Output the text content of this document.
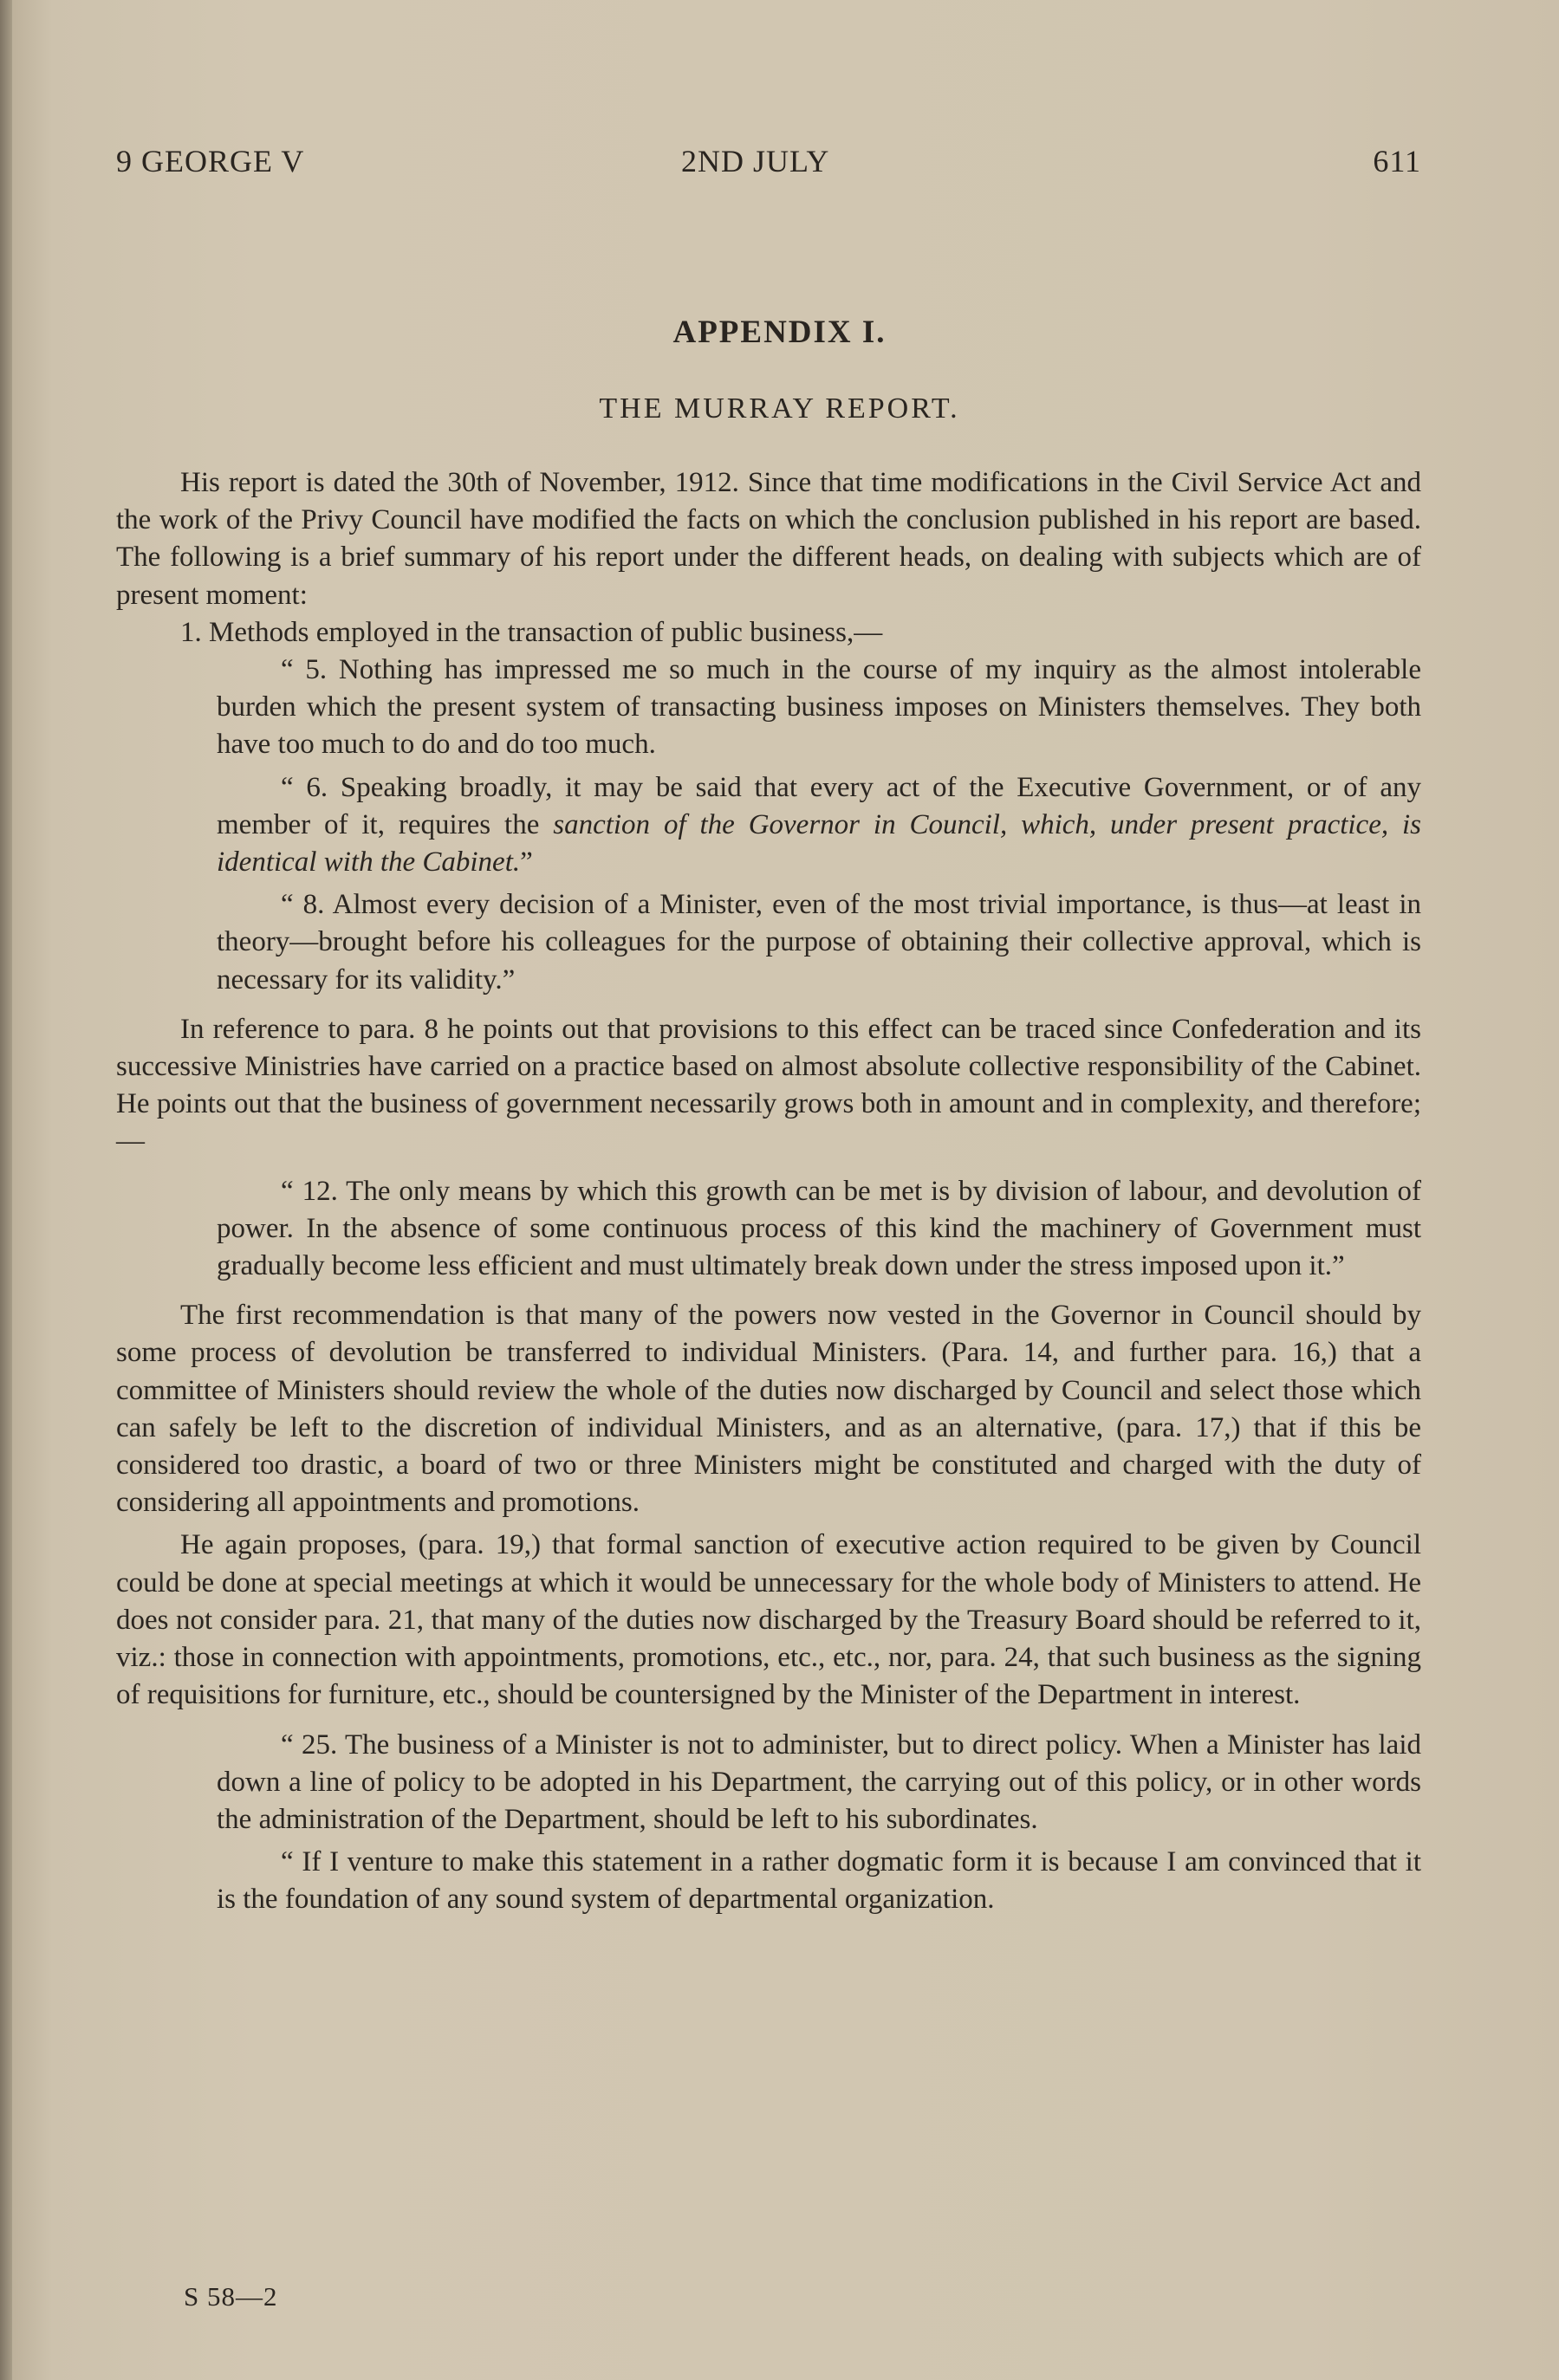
9 GEORGE V	2ND JULY	611
APPENDIX I.
THE MURRAY REPORT.

His report is dated the 30th of November, 1912. Since that time modifications in the Civil Service Act and the work of the Privy Council have modified the facts on which the conclusion published in his report are based. The following is a brief summary of his report under the different heads, on dealing with subjects which are of present moment:

1. Methods employed in the transaction of public business,—

“ 5. Nothing has impressed me so much in the course of my inquiry as the almost intolerable burden which the present system of transacting business imposes on Ministers themselves. They both have too much to do and do too much.

“ 6. Speaking broadly, it may be said that every act of the Executive Government, or of any member of it, requires the sanction of the Governor in Council, which, under present practice, is identical with the Cabinet.”

“ 8. Almost every decision of a Minister, even of the most trivial importance, is thus—at least in theory—brought before his colleagues for the purpose of obtaining their collective approval, which is necessary for its validity.”

In reference to para. 8 he points out that provisions to this effect can be traced since Confederation and its successive Ministries have carried on a practice based on almost absolute collective responsibility of the Cabinet. He points out that the business of government necessarily grows both in amount and in complexity, and therefore;—

“ 12. The only means by which this growth can be met is by division of labour, and devolution of power. In the absence of some continuous process of this kind the machinery of Government must gradually become less efficient and must ultimately break down under the stress imposed upon it.”

The first recommendation is that many of the powers now vested in the Governor in Council should by some process of devolution be transferred to individual Ministers. (Para. 14, and further para. 16,) that a committee of Ministers should review the whole of the duties now discharged by Council and select those which can safely be left to the discretion of individual Ministers, and as an alternative, (para. 17,) that if this be considered too drastic, a board of two or three Ministers might be constituted and charged with the duty of considering all appointments and promotions.

He again proposes, (para. 19,) that formal sanction of executive action required to be given by Council could be done at special meetings at which it would be unnecessary for the whole body of Ministers to attend. He does not consider para. 21, that many of the duties now discharged by the Treasury Board should be referred to it, viz.: those in connection with appointments, promotions, etc., etc., nor, para. 24, that such business as the signing of requisitions for furniture, etc., should be countersigned by the Minister of the Department in interest.

“ 25. The business of a Minister is not to administer, but to direct policy. When a Minister has laid down a line of policy to be adopted in his Department, the carrying out of this policy, or in other words the administration of the Department, should be left to his subordinates.

“ If I venture to make this statement in a rather dogmatic form it is because I am convinced that it is the foundation of any sound system of departmental organization.

S 58—2
